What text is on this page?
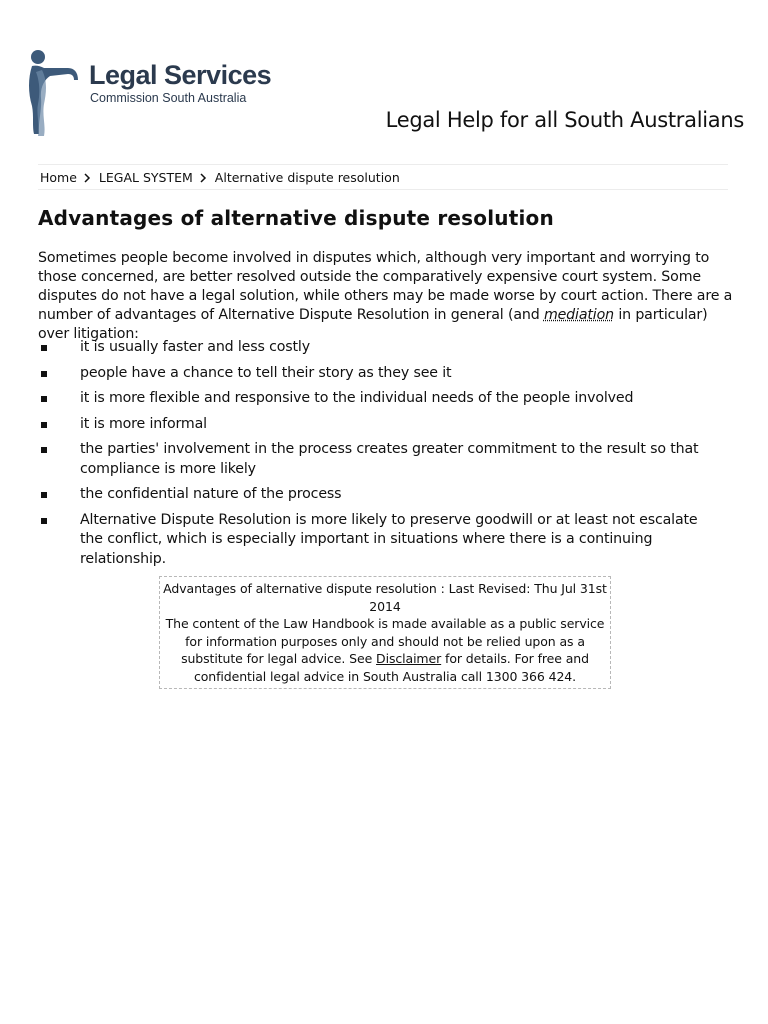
Legal Services
Commission South Australia
Legal Help for all South Australians
Home LEGAL SYSTEM Alternative dispute resolution
Advantages of alternative dispute resolution

Sometimes people become involved in disputes which, although very important and worrying to those concerned, are better resolved outside the comparatively expensive court system. Some disputes do not have a legal solution, while others may be made worse by court action. There are a number of advantages of Alternative Dispute Resolution in general (and mediation in particular) over litigation:

it is usually faster and less costly
people have a chance to tell their story as they see it
it is more flexible and responsive to the individual needs of the people involved
it is more informal
the parties' involvement in the process creates greater commitment to the result so that compliance is more likely
the confidential nature of the process
Alternative Dispute Resolution is more likely to preserve goodwill or at least not escalate the conflict, which is especially important in situations where there is a continuing relationship.
Advantages of alternative dispute resolution : Last Revised: Thu Jul 31st 2014
The content of the Law Handbook is made available as a public service for information purposes only and should not be relied upon as a substitute for legal advice. See Disclaimer for details. For free and confidential legal advice in South Australia call 1300 366 424.
